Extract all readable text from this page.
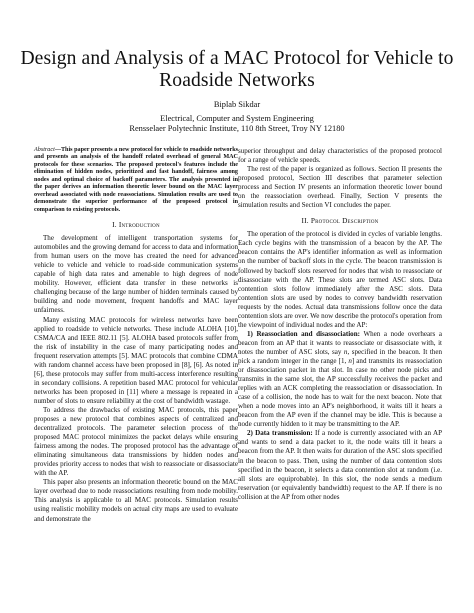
Design and Analysis of a MAC Protocol for Vehicle to Roadside Networks
Biplab Sikdar
Electrical, Computer and System Engineering
Rensselaer Polytechnic Institute, 110 8th Street, Troy NY 12180

Abstract—This paper presents a new protocol for vehicle to roadside networks and presents an analysis of the handoff related overhead of general MAC protocols for these scenarios. The proposed protocol's features include the elimination of hidden nodes, prioritized and fast handoff, fairness among nodes and optimal choice of backoff parameters. The analysis presented in the paper derives an information theoretic lower bound on the MAC layer overhead associated with node reassociations. Simulation results are used to demonstrate the superior performance of the proposed protocol in comparison to existing protocols.

I. Introduction

The development of intelligent transportation systems for automobiles and the growing demand for access to data and information from human users on the move has created the need for advanced vehicle to vehicle and vehicle to road-side communication systems capable of high data rates and amenable to high degrees of node mobility. However, efficient data transfer in these networks is challenging because of the large number of hidden terminals caused by building and node movement, frequent handoffs and MAC layer unfairness.

Many existing MAC protocols for wireless networks have been applied to roadside to vehicle networks. These include ALOHA [10], CSMA/CA and IEEE 802.11 [5]. ALOHA based protocols suffer from the risk of instability in the case of many participating nodes and frequent reservation attempts [5]. MAC protocols that combine CDMA with random channel access have been proposed in [8], [6]. As noted in [6], these protocols may suffer from multi-access interference resulting in secondary collisions. A repetition based MAC protocol for vehicular networks has been proposed in [11] where a message is repeated in a number of slots to ensure reliability at the cost of bandwidth wastage.

To address the drawbacks of existing MAC protocols, this paper proposes a new protocol that combines aspects of centralized and decentralized protocols. The parameter selection process of the proposed MAC protocol minimizes the packet delays while ensuring fairness among the nodes. The proposed protocol has the advantage of eliminating simultaneous data transmissions by hidden nodes and provides priority access to nodes that wish to reassociate or disassociate with the AP.

This paper also presents an information theoretic bound on the MAC layer overhead due to node reassociations resulting from node mobility. This analysis is applicable to all MAC protocols. Simulation results using realistic mobility models on actual city maps are used to evaluate and demonstrate the

superior throughput and delay characteristics of the proposed protocol for a range of vehicle speeds.

The rest of the paper is organized as follows. Section II presents the proposed protocol, Section III describes that parameter selection process and Section IV presents an information theoretic lower bound on the reassociation overhead. Finally, Section V presents the simulation results and Section VI concludes the paper.

II. Protocol Description

The operation of the protocol is divided in cycles of variable lengths. Each cycle begins with the transmission of a beacon by the AP. The beacon contains the AP's identifier information as well as information on the number of backoff slots in the cycle. The beacon transmission is followed by backoff slots reserved for nodes that wish to reassociate or disassociate with the AP. These slots are termed ASC slots. Data contention slots follow immediately after the ASC slots. Data contention slots are used by nodes to convey bandwidth reservation requests by the nodes. Actual data transmissions follow once the data contention slots are over. We now describe the protocol's operation from the viewpoint of individual nodes and the AP:

1) Reassociation and disassociation: When a node overhears a beacon from an AP that it wants to reassociate or disassociate with, it notes the number of ASC slots, say n, specified in the beacon. It then pick a random integer in the range [1, n] and transmits its reassociation or disassociation packet in that slot. In case no other node picks and transmits in the same slot, the AP successfully receives the packet and replies with an ACK completing the reassociation or disassociation. In case of a collision, the node has to wait for the next beacon. Note that when a node moves into an AP's neighborhood, it waits till it hears a beacon from the AP even if the channel may be idle. This is because a node currently hidden to it may be transmitting to the AP.

2) Data transmission: If a node is currently associated with an AP and wants to send a data packet to it, the node waits till it hears a beacon from the AP. It then waits for duration of the ASC slots specified in the beacon to pass. Then, using the number of data contention slots specified in the beacon, it selects a data contention slot at random (i.e. all slots are equiprobable). In this slot, the node sends a medium reservation (or equivalently bandwidth) request to the AP. If there is no collision at the AP from other nodes
